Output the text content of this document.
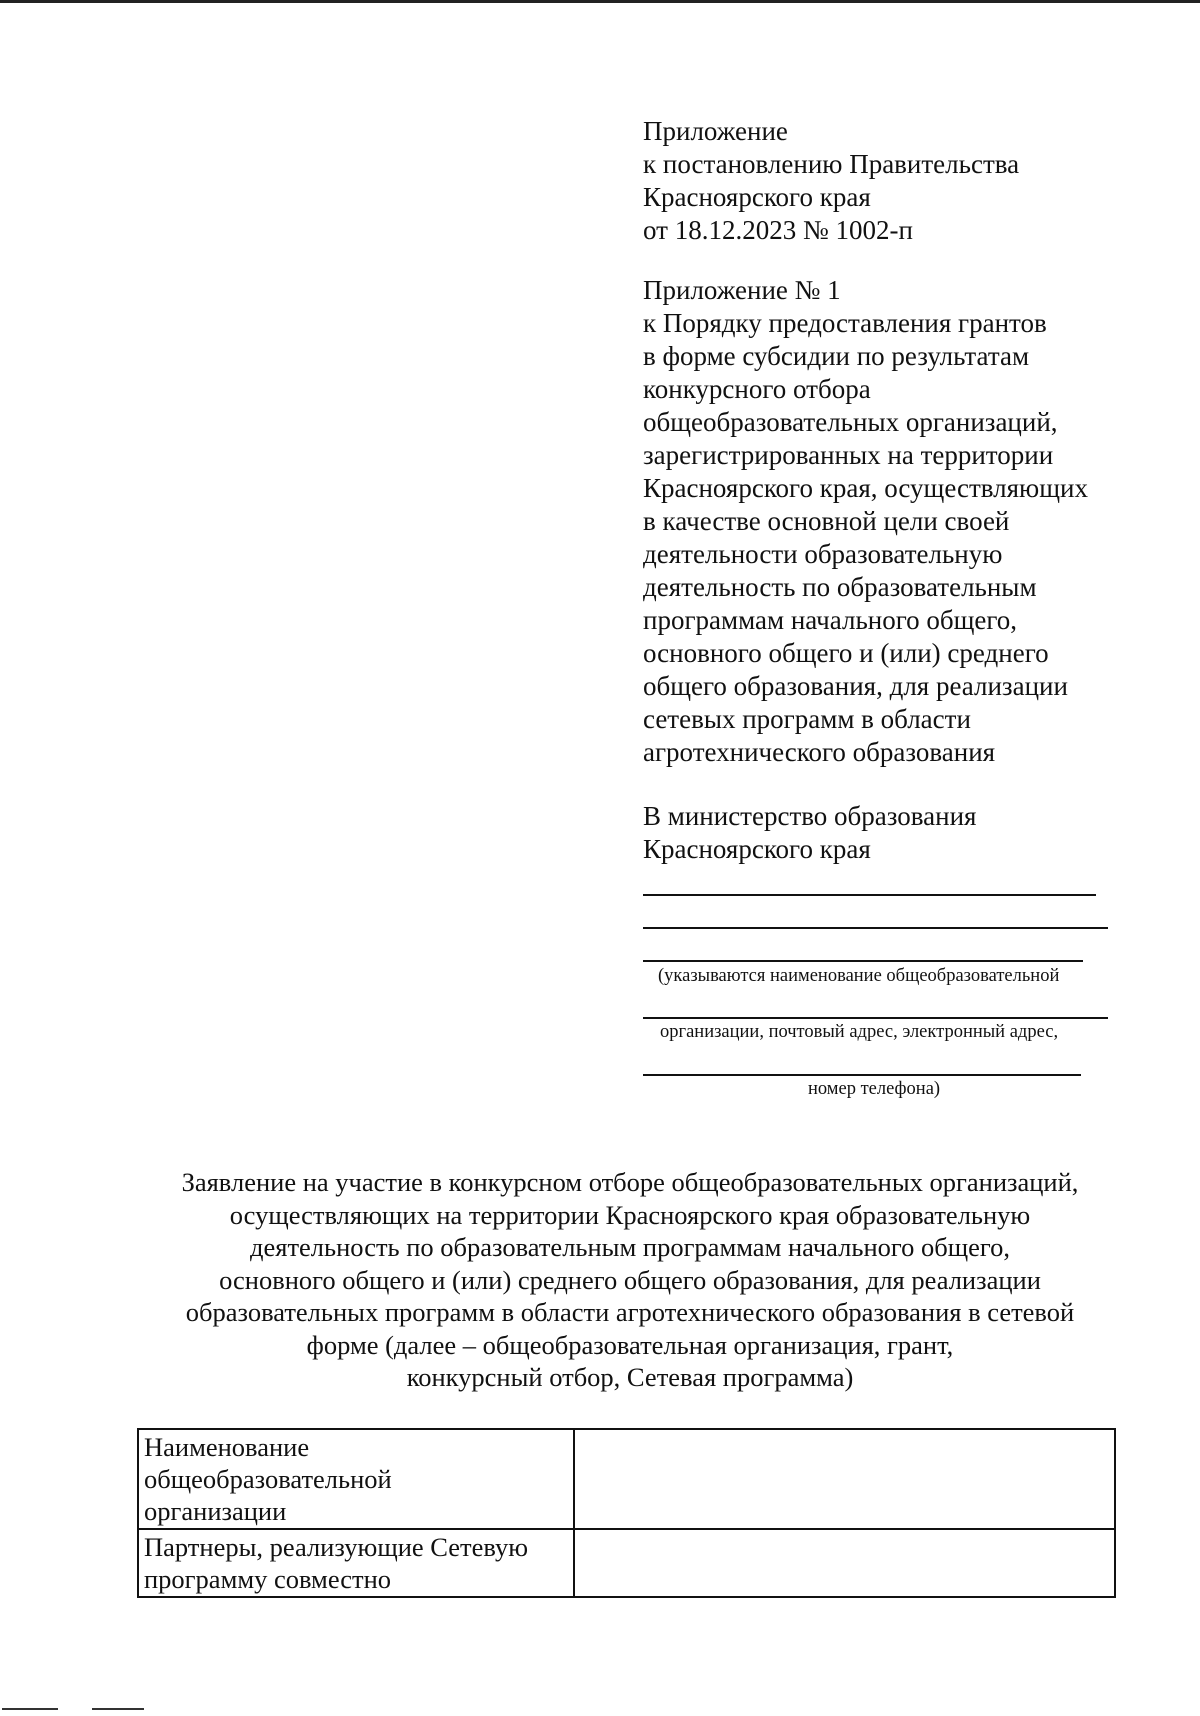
Приложение
к постановлению Правительства
Красноярского края
от 18.12.2023 № 1002-п
Приложение № 1
к Порядку предоставления грантов
в форме субсидии по результатам
конкурсного отбора
общеобразовательных организаций,
зарегистрированных на территории
Красноярского края, осуществляющих
в качестве основной цели своей
деятельности образовательную
деятельность по образовательным
программам начального общего,
основного общего и (или) среднего
общего образования, для реализации
сетевых программ в области
агротехнического образования
В министерство образования
Красноярского края
(указываются наименование общеобразовательной
организации, почтовый адрес, электронный адрес,
номер телефона)
Заявление на участие в конкурсном отборе общеобразовательных организаций,
осуществляющих на территории Красноярского края образовательную
деятельность по образовательным программам начального общего,
основного общего и (или) среднего общего образования, для реализации
образовательных программ в области агротехнического образования в сетевой
форме (далее – общеобразовательная организация, грант,
конкурсный отбор, Сетевая программа)
Наименование
общеобразовательной
организации	

Партнеры, реализующие Сетевую
программу совместно	
